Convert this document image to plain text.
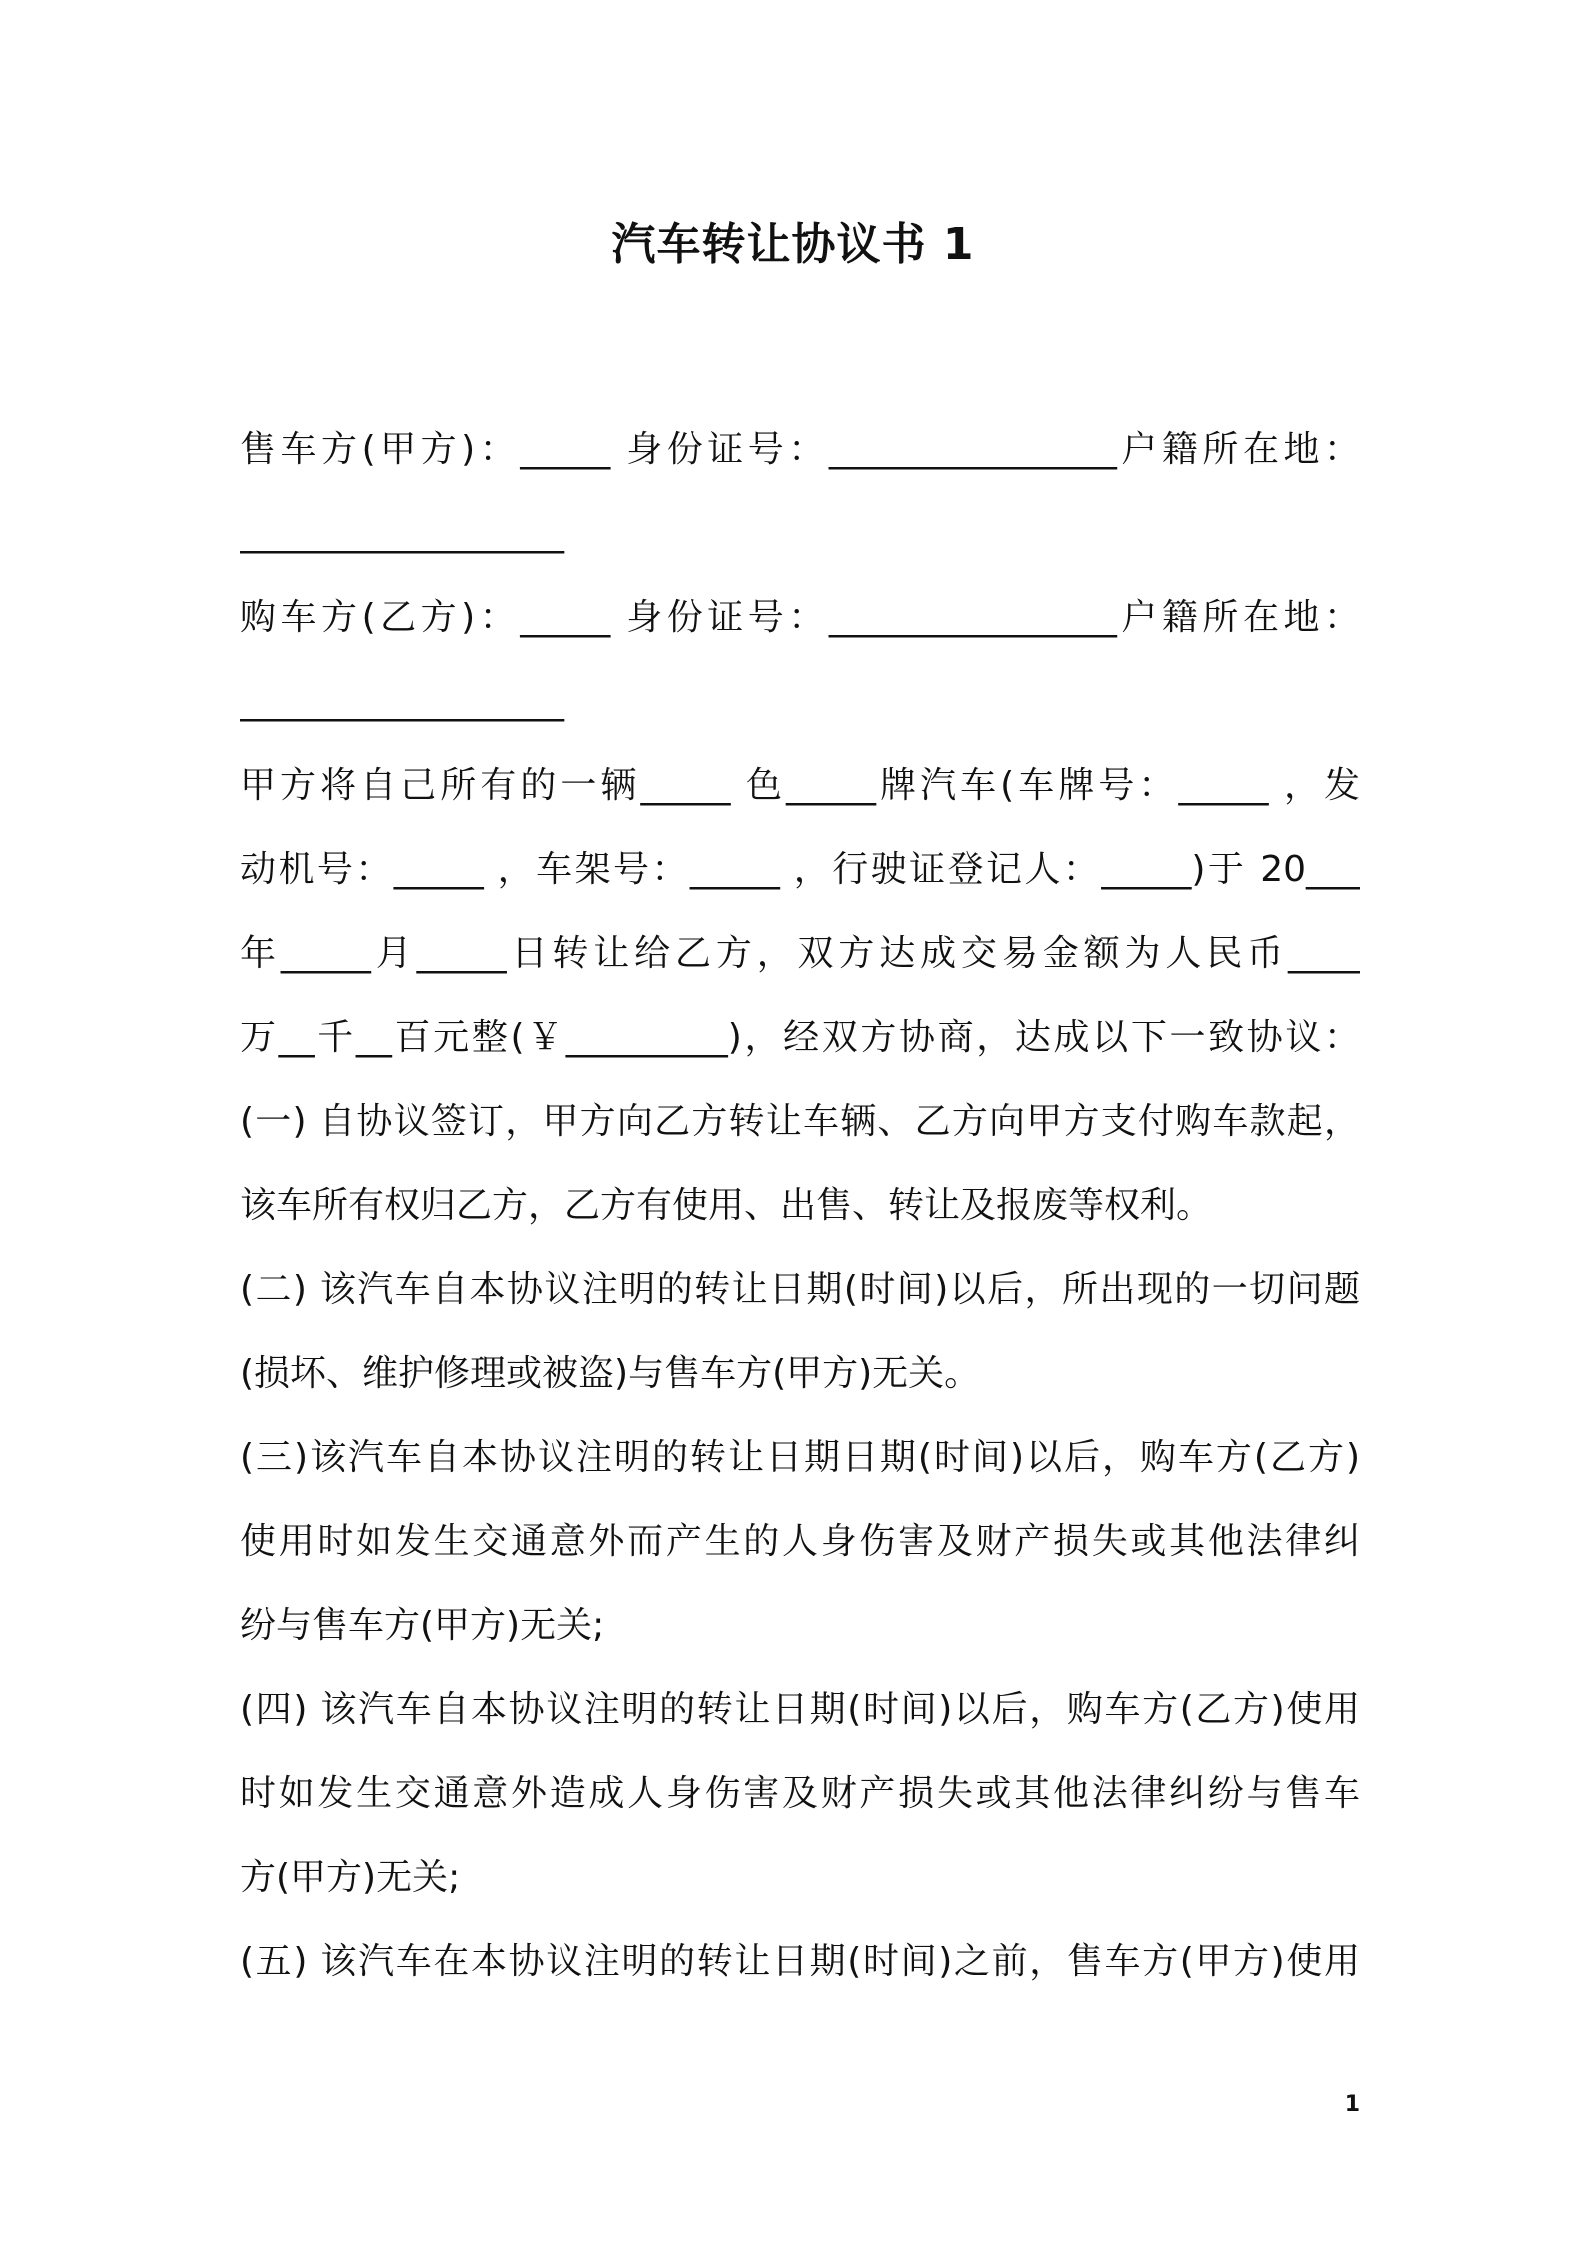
汽车转让协议书 1
售车方(甲方)：_____ 身份证号：________________户籍所在地：
__________________
购车方(乙方)：_____ 身份证号：________________户籍所在地：
__________________
甲方将自己所有的一辆_____ 色_____牌汽车(车牌号：_____ ，发
动机号：_____ ，车架号：_____ ，行驶证登记人：_____)于 20___
年_____月_____日转让给乙方，双方达成交易金额为人民币____
万__千__百元整(￥_________)，经双方协商，达成以下一致协议：
(一) 自协议签订，甲方向乙方转让车辆、乙方向甲方支付购车款起，
该车所有权归乙方，乙方有使用、出售、转让及报废等权利。
(二) 该汽车自本协议注明的转让日期(时间)以后，所出现的一切问题
(损坏、维护修理或被盗)与售车方(甲方)无关。
(三)该汽车自本协议注明的转让日期日期(时间)以后，购车方(乙方)
使用时如发生交通意外而产生的人身伤害及财产损失或其他法律纠
纷与售车方(甲方)无关;
(四) 该汽车自本协议注明的转让日期(时间)以后，购车方(乙方)使用
时如发生交通意外造成人身伤害及财产损失或其他法律纠纷与售车
方(甲方)无关;
(五) 该汽车在本协议注明的转让日期(时间)之前，售车方(甲方)使用
1
